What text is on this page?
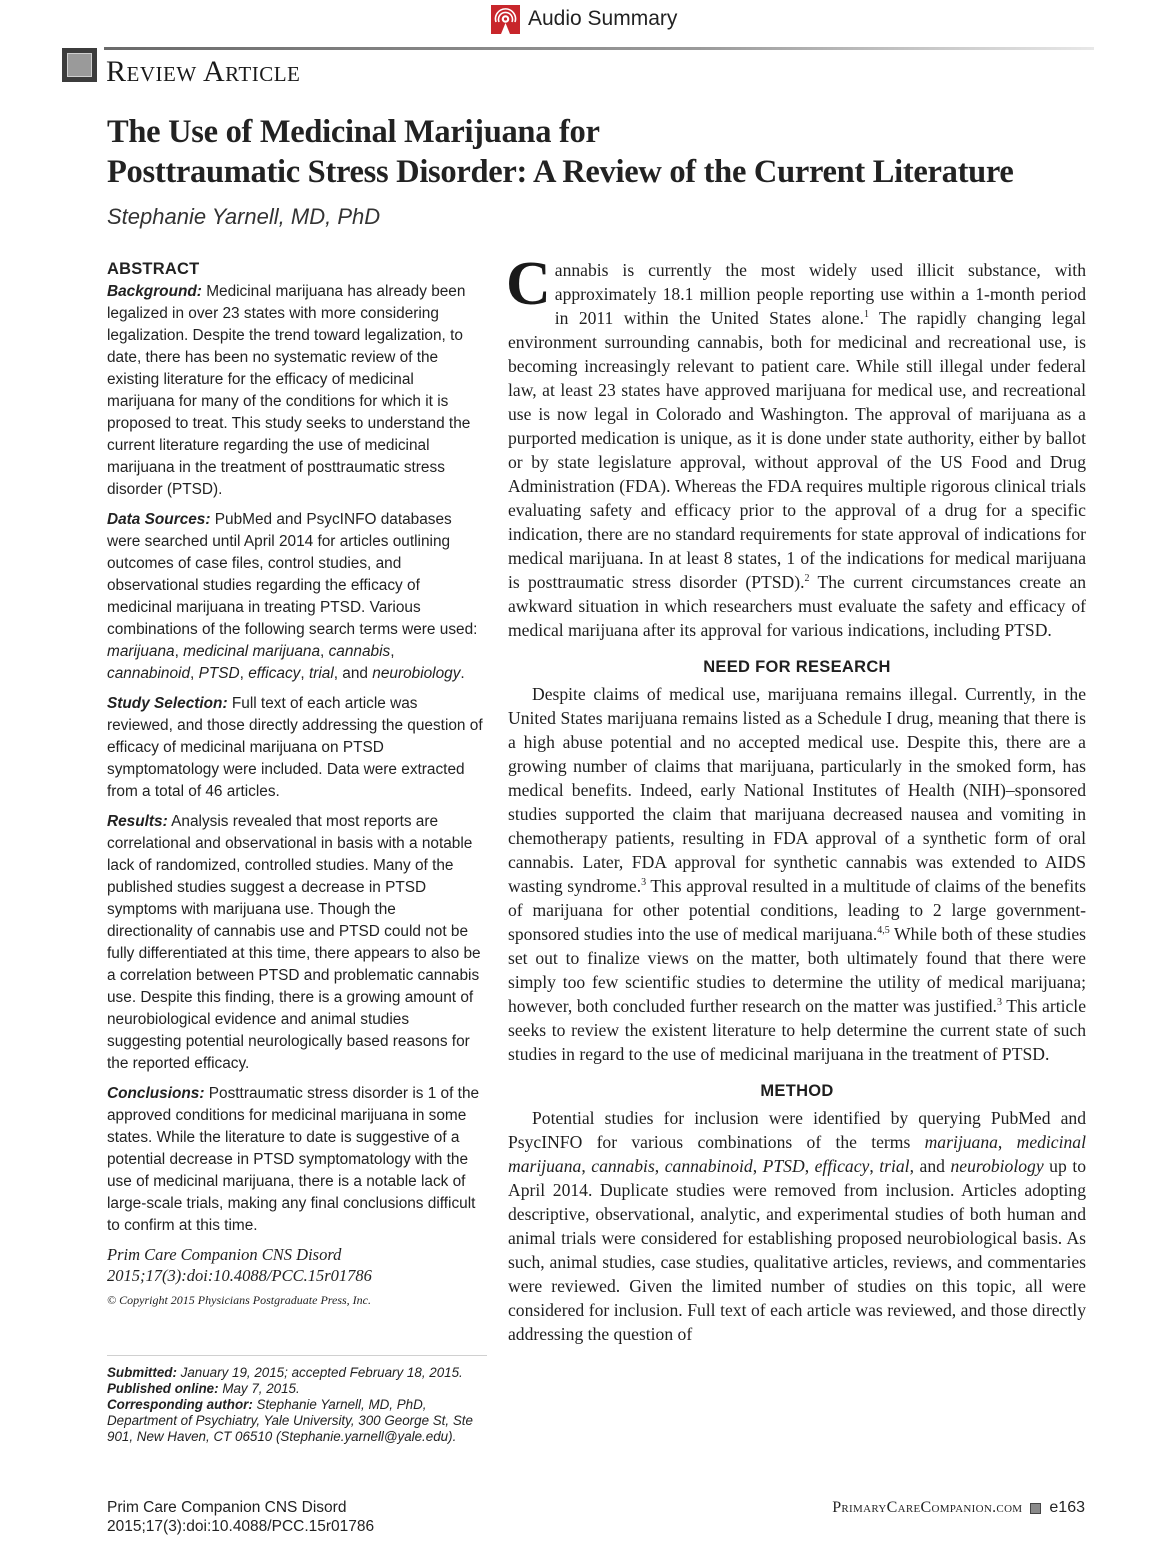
Audio Summary
Review Article
The Use of Medicinal Marijuana for
Posttraumatic Stress Disorder: A Review of the Current Literature
Stephanie Yarnell, MD, PhD
ABSTRACT

Background: Medicinal marijuana has already been legalized in over 23 states with more considering legalization. Despite the trend toward legalization, to date, there has been no systematic review of the existing literature for the efficacy of medicinal marijuana for many of the conditions for which it is proposed to treat. This study seeks to understand the current literature regarding the use of medicinal marijuana in the treatment of posttraumatic stress disorder (PTSD).

Data Sources: PubMed and PsycINFO databases were searched until April 2014 for articles outlining outcomes of case files, control studies, and observational studies regarding the efficacy of medicinal marijuana in treating PTSD. Various combinations of the following search terms were used: marijuana, medicinal marijuana, cannabis, cannabinoid, PTSD, efficacy, trial, and neurobiology.

Study Selection: Full text of each article was reviewed, and those directly addressing the question of efficacy of medicinal marijuana on PTSD symptomatology were included. Data were extracted from a total of 46 articles.

Results: Analysis revealed that most reports are correlational and observational in basis with a notable lack of randomized, controlled studies. Many of the published studies suggest a decrease in PTSD symptoms with marijuana use. Though the directionality of cannabis use and PTSD could not be fully differentiated at this time, there appears to also be a correlation between PTSD and problematic cannabis use. Despite this finding, there is a growing amount of neurobiological evidence and animal studies suggesting potential neurologically based reasons for the reported efficacy.

Conclusions: Posttraumatic stress disorder is 1 of the approved conditions for medicinal marijuana in some states. While the literature to date is suggestive of a potential decrease in PTSD symptomatology with the use of medicinal marijuana, there is a notable lack of large-scale trials, making any final conclusions difficult to confirm at this time.

Prim Care Companion CNS Disord
2015;17(3):doi:10.4088/PCC.15r01786
© Copyright 2015 Physicians Postgraduate Press, Inc.
Submitted: January 19, 2015; accepted February 18, 2015.
Published online: May 7, 2015.
Corresponding author: Stephanie Yarnell, MD, PhD, Department of Psychiatry, Yale University, 300 George St, Ste 901, New Haven, CT 06510 (Stephanie.yarnell@yale.edu).

Cannabis is currently the most widely used illicit substance, with approximately 18.1 million people reporting use within a 1-month period in 2011 within the United States alone.$^1$ The rapidly changing legal environment surrounding cannabis, both for medicinal and recreational use, is becoming increasingly relevant to patient care. While still illegal under federal law, at least 23 states have approved marijuana for medical use, and recreational use is now legal in Colorado and Washington. The approval of marijuana as a purported medication is unique, as it is done under state authority, either by ballot or by state legislature approval, without approval of the US Food and Drug Administration (FDA). Whereas the FDA requires multiple rigorous clinical trials evaluating safety and efficacy prior to the approval of a drug for a specific indication, there are no standard requirements for state approval of indications for medical marijuana. In at least 8 states, 1 of the indications for medical marijuana is posttraumatic stress disorder (PTSD).$^2$ The current circumstances create an awkward situation in which researchers must evaluate the safety and efficacy of medical marijuana after its approval for various indications, including PTSD.

NEED FOR RESEARCH

Despite claims of medical use, marijuana remains illegal. Currently, in the United States marijuana remains listed as a Schedule I drug, meaning that there is a high abuse potential and no accepted medical use. Despite this, there are a growing number of claims that marijuana, particularly in the smoked form, has medical benefits. Indeed, early National Institutes of Health (NIH)–sponsored studies supported the claim that marijuana decreased nausea and vomiting in chemotherapy patients, resulting in FDA approval of a synthetic form of oral cannabis. Later, FDA approval for synthetic cannabis was extended to AIDS wasting syndrome.$^3$ This approval resulted in a multitude of claims of the benefits of marijuana for other potential conditions, leading to 2 large government-sponsored studies into the use of medical marijuana.$^{4,5}$ While both of these studies set out to finalize views on the matter, both ultimately found that there were simply too few scientific studies to determine the utility of medical marijuana; however, both concluded further research on the matter was justified.$^3$ This article seeks to review the existent literature to help determine the current state of such studies in regard to the use of medicinal marijuana in the treatment of PTSD.

METHOD

Potential studies for inclusion were identified by querying PubMed and PsycINFO for various combinations of the terms marijuana, medicinal marijuana, cannabis, cannabinoid, PTSD, efficacy, trial, and neurobiology up to April 2014. Duplicate studies were removed from inclusion. Articles adopting descriptive, observational, analytic, and experimental studies of both human and animal trials were considered for establishing proposed neurobiological basis. As such, animal studies, case studies, qualitative articles, reviews, and commentaries were reviewed. Given the limited number of studies on this topic, all were considered for inclusion. Full text of each article was reviewed, and those directly addressing the question of

Prim Care Companion CNS Disord
2015;17(3):doi:10.4088/PCC.15r01786
PrimaryCareCompanion.com e163
